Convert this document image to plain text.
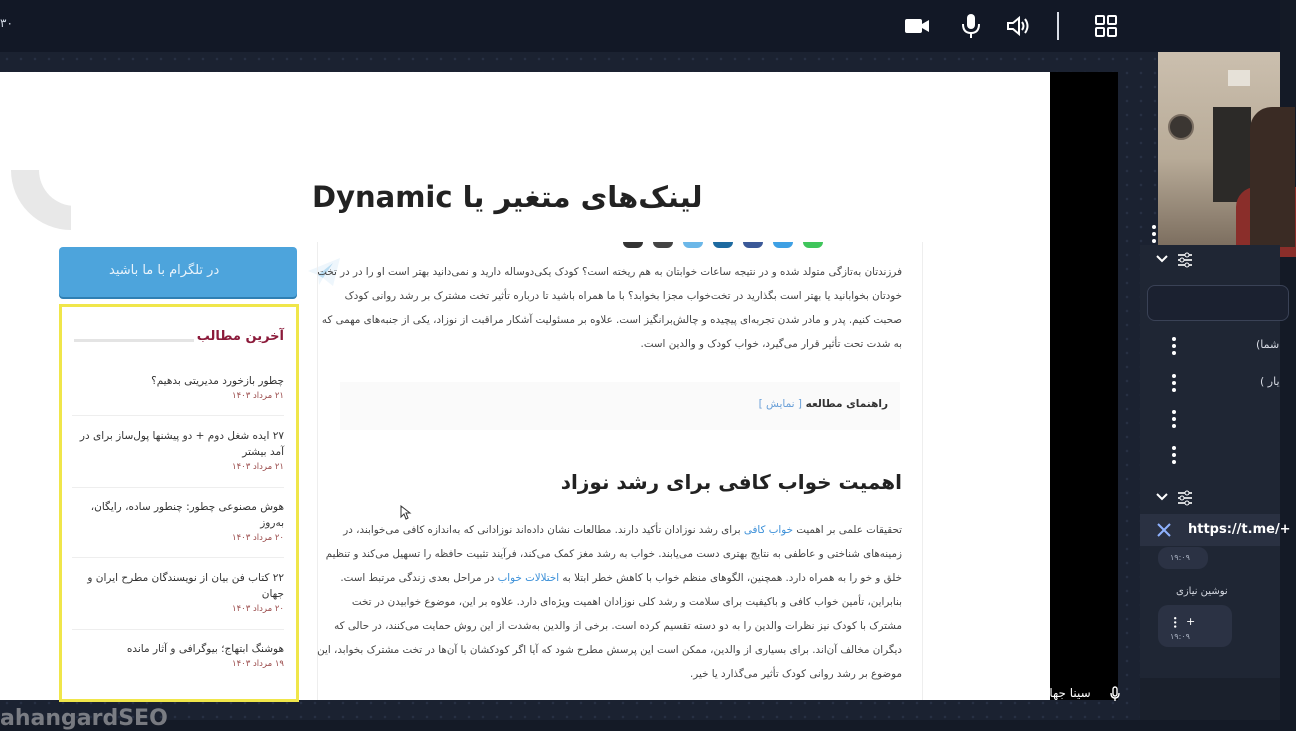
۳۰
لینک‌های متغیر یا Dynamic
در تلگرام با ما باشید
آخرین مطالب
چطور بازخورد مدیریتی بدهیم؟
۲۱ مرداد ۱۴۰۳
۲۷ ایده شغل دوم + دو پیشنها پول‌ساز برای در آمد بیشتر
۲۱ مرداد ۱۴۰۳
هوش مصنوعی چطور: چنطور ساده، رایگان، به‌روز
۲۰ مرداد ۱۴۰۳
۲۲ کتاب فن بیان از نویسندگان مطرح ایران و جهان
۲۰ مرداد ۱۴۰۳
هوشنگ ابتهاج؛ بیوگرافی و آثار مانده
۱۹ مرداد ۱۴۰۳
فرزندتان به‌تازگی متولد شده و در نتیجه ساعات خوابتان به هم ریخته است؟ کودک یکی‌دوساله دارید و نمی‌دانید بهتر است او را در در تخت خودتان بخوابانید یا بهتر است بگذارید در تخت‌خواب مجزا بخوابد؟ با ما همراه باشید تا درباره تأثیر تخت مشترک بر رشد روانی کودک صحبت کنیم. پدر و مادر شدن تجربه‌ای پیچیده و چالش‌برانگیز است. علاوه بر مسئولیت آشکار مراقبت از نوزاد، یکی از جنبه‌های مهمی که به شدت تحت تأثیر قرار می‌گیرد، خواب کودک و والدین است.
راهنمای مطالعه
[ نمایش ]
اهمیت خواب کافی برای رشد نوزاد
تحقیقات علمی بر اهمیت خواب کافی برای رشد نوزادان تأکید دارند. مطالعات نشان داده‌اند نوزادانی که به‌اندازه کافی می‌خوابند، در زمینه‌های شناختی و عاطفی به نتایج بهتری دست می‌یابند. خواب به رشد مغز کمک می‌کند، فرآیند تثبیت حافظه را تسهیل می‌کند و تنظیم خلق و خو را به همراه دارد. همچنین، الگوهای منظم خواب با کاهش خطر ابتلا به اختلالات خواب در مراحل بعدی زندگی مرتبط است. بنابراین، تأمین خواب کافی و باکیفیت برای سلامت و رشد کلی نوزادان اهمیت ویژه‌ای دارد. علاوه بر این، موضوع خوابیدن در تخت مشترک با کودک نیز نظرات والدین را به دو دسته تقسیم کرده است. برخی از والدین به‌شدت از این روش حمایت می‌کنند، در حالی که دیگران مخالف آن‌اند. برای بسیاری از والدین، ممکن است این پرسش مطرح شود که آیا اگر کودکشان با آن‌ها در تخت مشترک بخوابد، این موضوع بر رشد روانی کودک تأثیر می‌گذارد یا خیر.
ahangardSEO
شما)
یار )
۱۹:۰۹
نوشین نیازی
+
۱۹:۰۹
https://t.me/+
سینا جهانی
